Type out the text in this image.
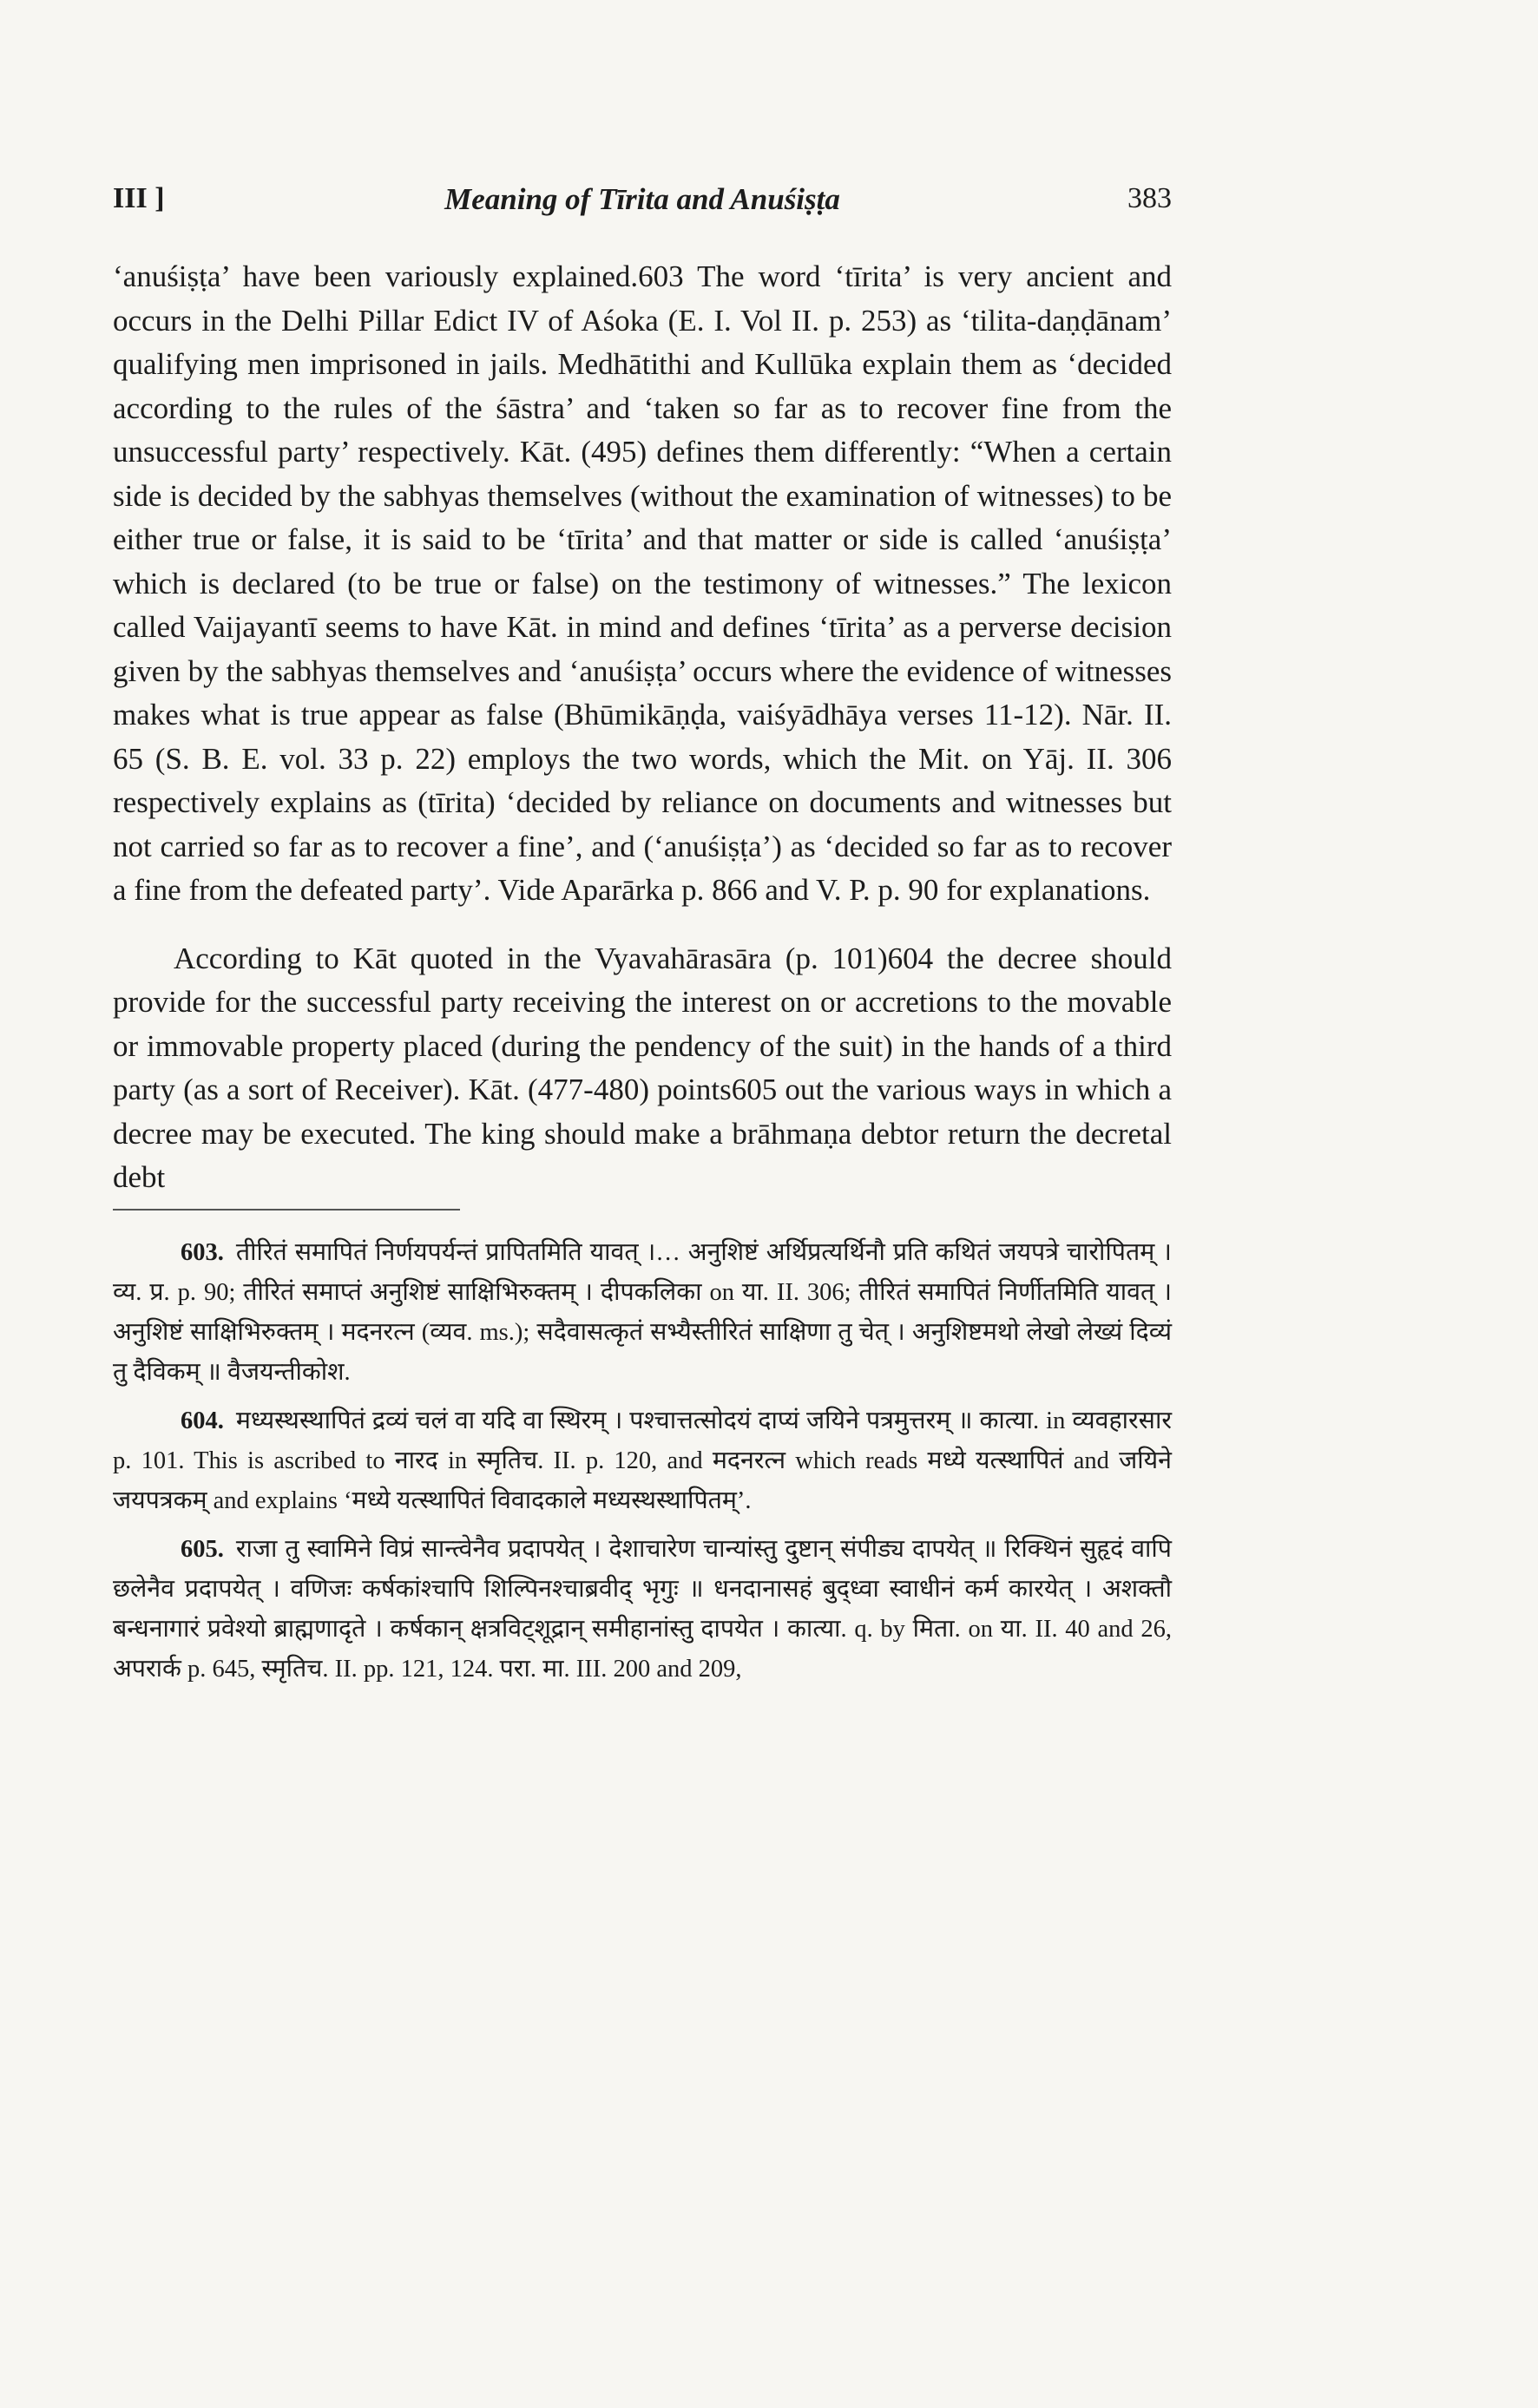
III ]	Meaning of Tīrita and Anuśiṣṭa	383

‘anuśiṣṭa’ have been variously explained.603 The word ‘tīrita’ is very ancient and occurs in the Delhi Pillar Edict IV of Aśoka (E. I. Vol II. p. 253) as ‘tilita-daṇḍānam’ qualifying men imprisoned in jails. Medhātithi and Kullūka explain them as ‘decided according to the rules of the śāstra’ and ‘taken so far as to recover fine from the unsuccessful party’ respectively. Kāt. (495) defines them differently: “When a certain side is decided by the sabhyas themselves (without the examination of witnesses) to be either true or false, it is said to be ‘tīrita’ and that matter or side is called ‘anuśiṣṭa’ which is declared (to be true or false) on the testimony of witnesses.” The lexicon called Vaijayantī seems to have Kāt. in mind and defines ‘tīrita’ as a perverse decision given by the sabhyas themselves and ‘anuśiṣṭa’ occurs where the evidence of witnesses makes what is true appear as false (Bhūmikāṇḍa, vaiśyādhāya verses 11-12). Nār. II. 65 (S. B. E. vol. 33 p. 22) employs the two words, which the Mit. on Yāj. II. 306 respectively explains as (tīrita) ‘decided by reliance on documents and witnesses but not carried so far as to recover a fine’, and (‘anuśiṣṭa’) as ‘decided so far as to recover a fine from the defeated party’. Vide Aparārka p. 866 and V. P. p. 90 for explanations.

According to Kāt quoted in the Vyavahārasāra (p. 101)604 the decree should provide for the successful party receiving the interest on or accretions to the movable or immovable property placed (during the pendency of the suit) in the hands of a third party (as a sort of Receiver). Kāt. (477-480) points605 out the various ways in which a decree may be executed. The king should make a brāhmaṇa debtor return the decretal debt

603. तीरितं समापितं निर्णयपर्यन्तं प्रापितमिति यावत् ।… अनुशिष्टं अर्थिप्रत्यर्थिनौ प्रति कथितं जयपत्रे चारोपितम् । व्य. प्र. p. 90; तीरितं समाप्तं अनुशिष्टं साक्षिभिरुक्तम् । दीपकलिका on या. II. 306; तीरितं समापितं निर्णीतमिति यावत् । अनुशिष्टं साक्षिभिरुक्तम् । मदनरत्न (व्यव. ms.); सदैवासत्कृतं सभ्यैस्तीरितं साक्षिणा तु चेत् । अनुशिष्टमथो लेखो लेख्यं दिव्यं तु दैविकम् ॥ वैजयन्तीकोश.

604. मध्यस्थस्थापितं द्रव्यं चलं वा यदि वा स्थिरम् । पश्चात्तत्सोदयं दाप्यं जयिने पत्रमुत्तरम् ॥ कात्या. in व्यवहारसार p. 101. This is ascribed to नारद in स्मृतिच. II. p. 120, and मदनरत्न which reads मध्ये यत्स्थापितं and जयिने जयपत्रकम् and explains ‘मध्ये यत्स्थापितं विवादकाले मध्यस्थस्थापितम्’.

605. राजा तु स्वामिने विप्रं सान्त्वेनैव प्रदापयेत् । देशाचारेण चान्यांस्तु दुष्टान् संपीड्य दापयेत् ॥ रिक्थिनं सुहृदं वापि छलेनैव प्रदापयेत् । वणिजः कर्षकांश्चापि शिल्पिनश्चाब्रवीद् भृगुः ॥ धनदानासहं बुद्ध्वा स्वाधीनं कर्म कारयेत् । अशक्तौ बन्धनागारं प्रवेश्यो ब्राह्मणादृते । कर्षकान् क्षत्रविट्शूद्रान् समीहानांस्तु दापयेत । कात्या. q. by मिता. on या. II. 40 and 26, अपरार्क p. 645, स्मृतिच. II. pp. 121, 124. परा. मा. III. 200 and 209,
